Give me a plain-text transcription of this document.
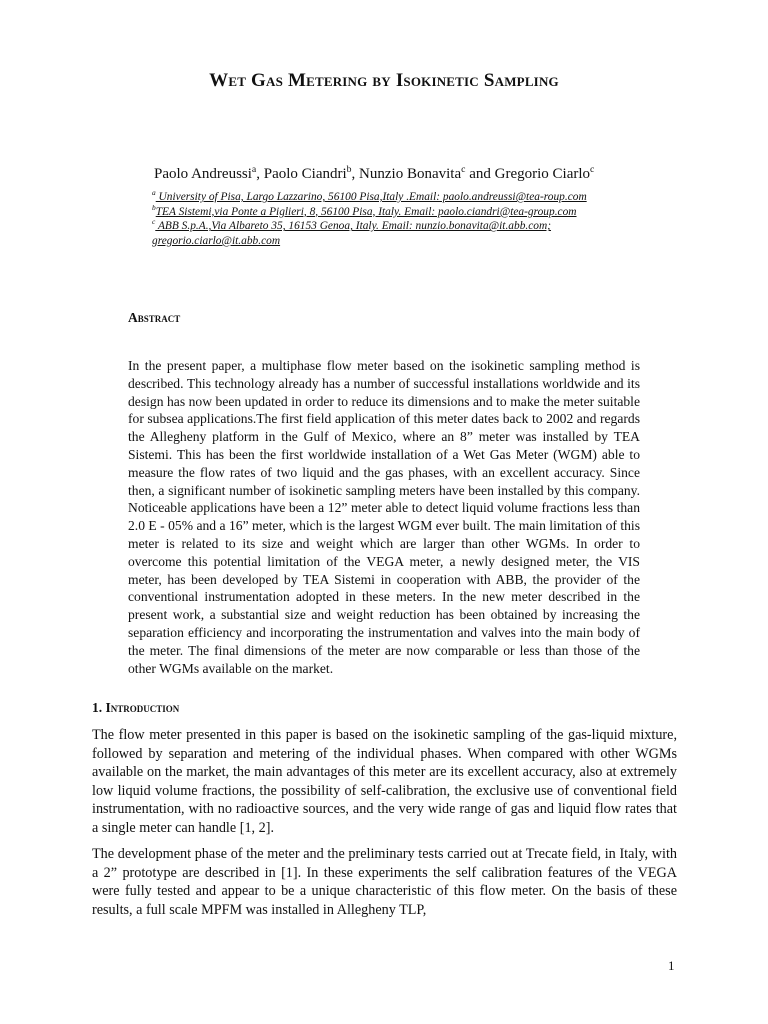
Wet Gas Metering by Isokinetic Sampling

Paolo Andreussi$^a$, Paolo Ciandri$^b$, Nunzio Bonavita$^c$ and Gregorio Ciarlo$^c$

$^a$ University of Pisa, Largo Lazzarino, 56100 Pisa,Italy .Email: paolo.andreussi@tea-roup.com

$^b$TEA Sistemi,via Ponte a Piglieri, 8, 56100 Pisa, Italy. Email: paolo.ciandri@tea-group.com

$^c$ ABB S.p.A.,Via Albareto 35, 16153 Genoa, Italy. Email: nunzio.bonavita@it.abb.com;

gregorio.ciarlo@it.abb.com

Abstract

In the present paper, a multiphase flow meter based on the isokinetic sampling method is described. This technology already has a number of successful installations worldwide and its design has now been updated in order to reduce its dimensions and to make the meter suitable for subsea applications.The first field application of this meter dates back to 2002 and regards the Allegheny platform in the Gulf of Mexico, where an 8” meter was installed by TEA Sistemi. This has been the first worldwide installation of a Wet Gas Meter (WGM) able to measure the flow rates of two liquid and the gas phases, with an excellent accuracy. Since then, a significant number of isokinetic sampling meters have been installed by this company. Noticeable applications have been a 12” meter able to detect liquid volume fractions less than 2.0 E - 05% and a 16” meter, which is the largest WGM ever built. The main limitation of this meter is related to its size and weight which are larger than other WGMs. In order to overcome this potential limitation of the VEGA meter, a newly designed meter, the VIS meter, has been developed by TEA Sistemi in cooperation with ABB, the provider of the conventional instrumentation adopted in these meters. In the new meter described in the present work, a substantial size and weight reduction has been obtained by increasing the separation efficiency and incorporating the instrumentation and valves into the main body of the meter. The final dimensions of the meter are now comparable or less than those of the other WGMs available on the market.

1. Introduction

The flow meter presented in this paper is based on the isokinetic sampling of the gas-liquid mixture, followed by separation and metering of the individual phases. When compared with other WGMs available on the market, the main advantages of this meter are its excellent accuracy, also at extremely low liquid volume fractions, the possibility of self-calibration, the exclusive use of conventional field instrumentation, with no radioactive sources, and the very wide range of gas and liquid flow rates that a single meter can handle [1, 2].

The development phase of the meter and the preliminary tests carried out at Trecate field, in Italy, with a 2” prototype are described in [1]. In these experiments the self calibration features of the VEGA were fully tested and appear to be a unique characteristic of this flow meter. On the basis of these results, a full scale MPFM was installed in Allegheny TLP,

1
